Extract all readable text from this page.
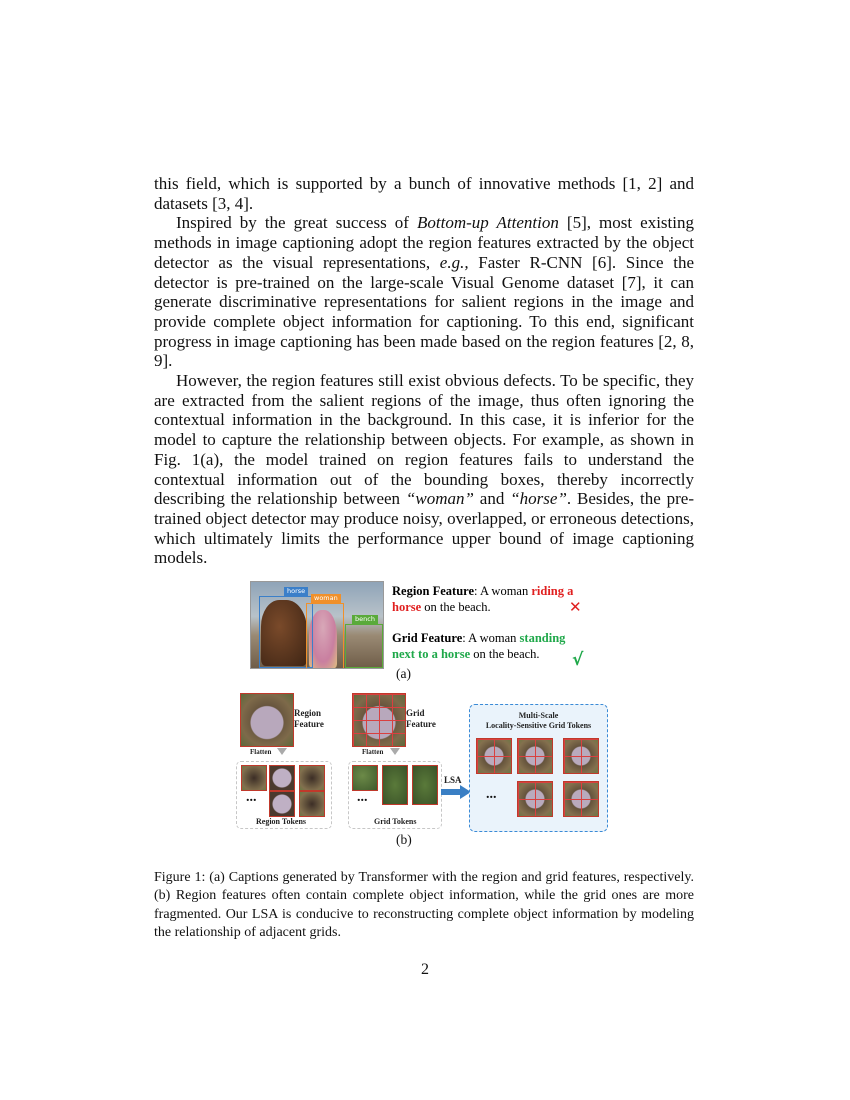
this field, which is supported by a bunch of innovative methods [1, 2] and datasets [3, 4].

Inspired by the great success of Bottom-up Attention [5], most existing methods in image captioning adopt the region features extracted by the object detector as the visual representations, e.g., Faster R-CNN [6]. Since the detector is pre-trained on the large-scale Visual Genome dataset [7], it can generate discriminative representations for salient regions in the image and provide complete object information for captioning. To this end, significant progress in image captioning has been made based on the region features [2, 8, 9].

However, the region features still exist obvious defects. To be specific, they are extracted from the salient regions of the image, thus often ignoring the contextual information in the background. In this case, it is inferior for the model to capture the relationship between objects. For example, as shown in Fig. 1(a), the model trained on region features fails to understand the contextual information out of the bounding boxes, thereby incorrectly describing the relationship between “woman” and “horse”. Besides, the pre-trained object detector may produce noisy, overlapped, or erroneous detections, which ultimately limits the performance upper bound of image captioning models.

horse
woman
bench
Region Feature: A woman riding a
horse on the beach.	✕
Grid Feature: A woman standing
next to a horse on the beach.	√
(a)
Region
Feature
Flatten
...
Region Tokens
Grid
Feature
Flatten
...
Grid Tokens
LSA
Multi-Scale
Locality-Sensitive Grid Tokens
...
(b)
Figure 1: (a) Captions generated by Transformer with the region and grid features, respectively. (b) Region features often contain complete object information, while the grid ones are more fragmented. Our LSA is conducive to reconstructing complete object information by modeling the relationship of adjacent grids.
2
